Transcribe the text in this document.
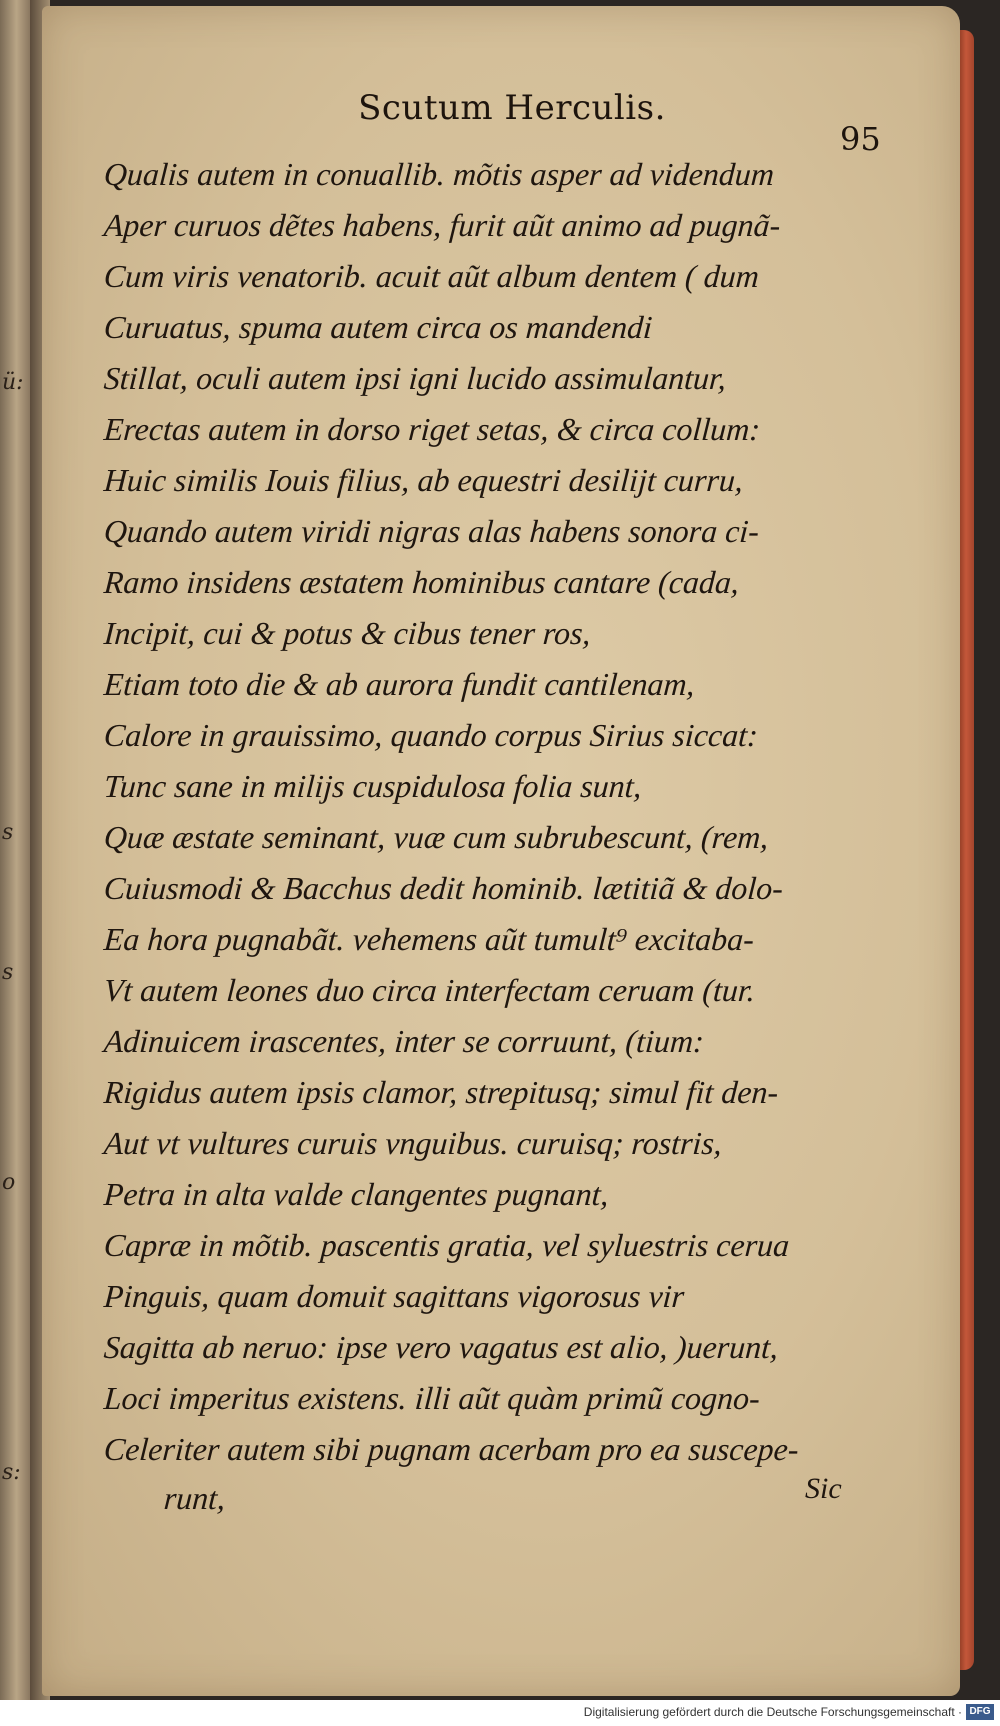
ü:
s
s
o
s:
Scutum Herculis.
95
Qualis autem in conuallib. mõtis asper ad videndum
Aper curuos dẽtes habens, furit aũt animo ad pugnã-
Cum viris venatorib. acuit aũt album dentem ( dum
Curuatus, spuma autem circa os mandendi
Stillat, oculi autem ipsi igni lucido assimulantur,
Erectas autem in dorso riget setas, & circa collum:
Huic similis Iouis filius, ab equestri desilijt curru,
Quando autem viridi nigras alas habens sonora ci-
Ramo insidens æstatem hominibus cantare (cada,
Incipit, cui & potus & cibus tener ros,
Etiam toto die & ab aurora fundit cantilenam,
Calore in grauissimo, quando corpus Sirius siccat:
Tunc sane in milijs cuspidulosa folia sunt,
Quæ æstate seminant, vuæ cum subrubescunt, (rem,
Cuiusmodi & Bacchus dedit hominib. lætitiã & dolo-
Ea hora pugnabãt. vehemens aũt tumult⁹ excitaba-
Vt autem leones duo circa interfectam ceruam (tur.
Adinuicem irascentes, inter se corruunt, (tium:
Rigidus autem ipsis clamor, strepitusq; simul fit den-
Aut vt vultures curuis vnguibus. curuisq; rostris,
Petra in alta valde clangentes pugnant,
Capræ in mõtib. pascentis gratia, vel syluestris cerua
Pinguis, quam domuit sagittans vigorosus vir
Sagitta ab neruo: ipse vero vagatus est alio, )uerunt,
Loci imperitus existens. illi aũt quàm primũ cogno-
Celeriter autem sibi pugnam acerbam pro ea suscepe-
runt,	Sic
Digitalisierung gefördert durch die Deutsche Forschungsgemeinschaft · DFG
